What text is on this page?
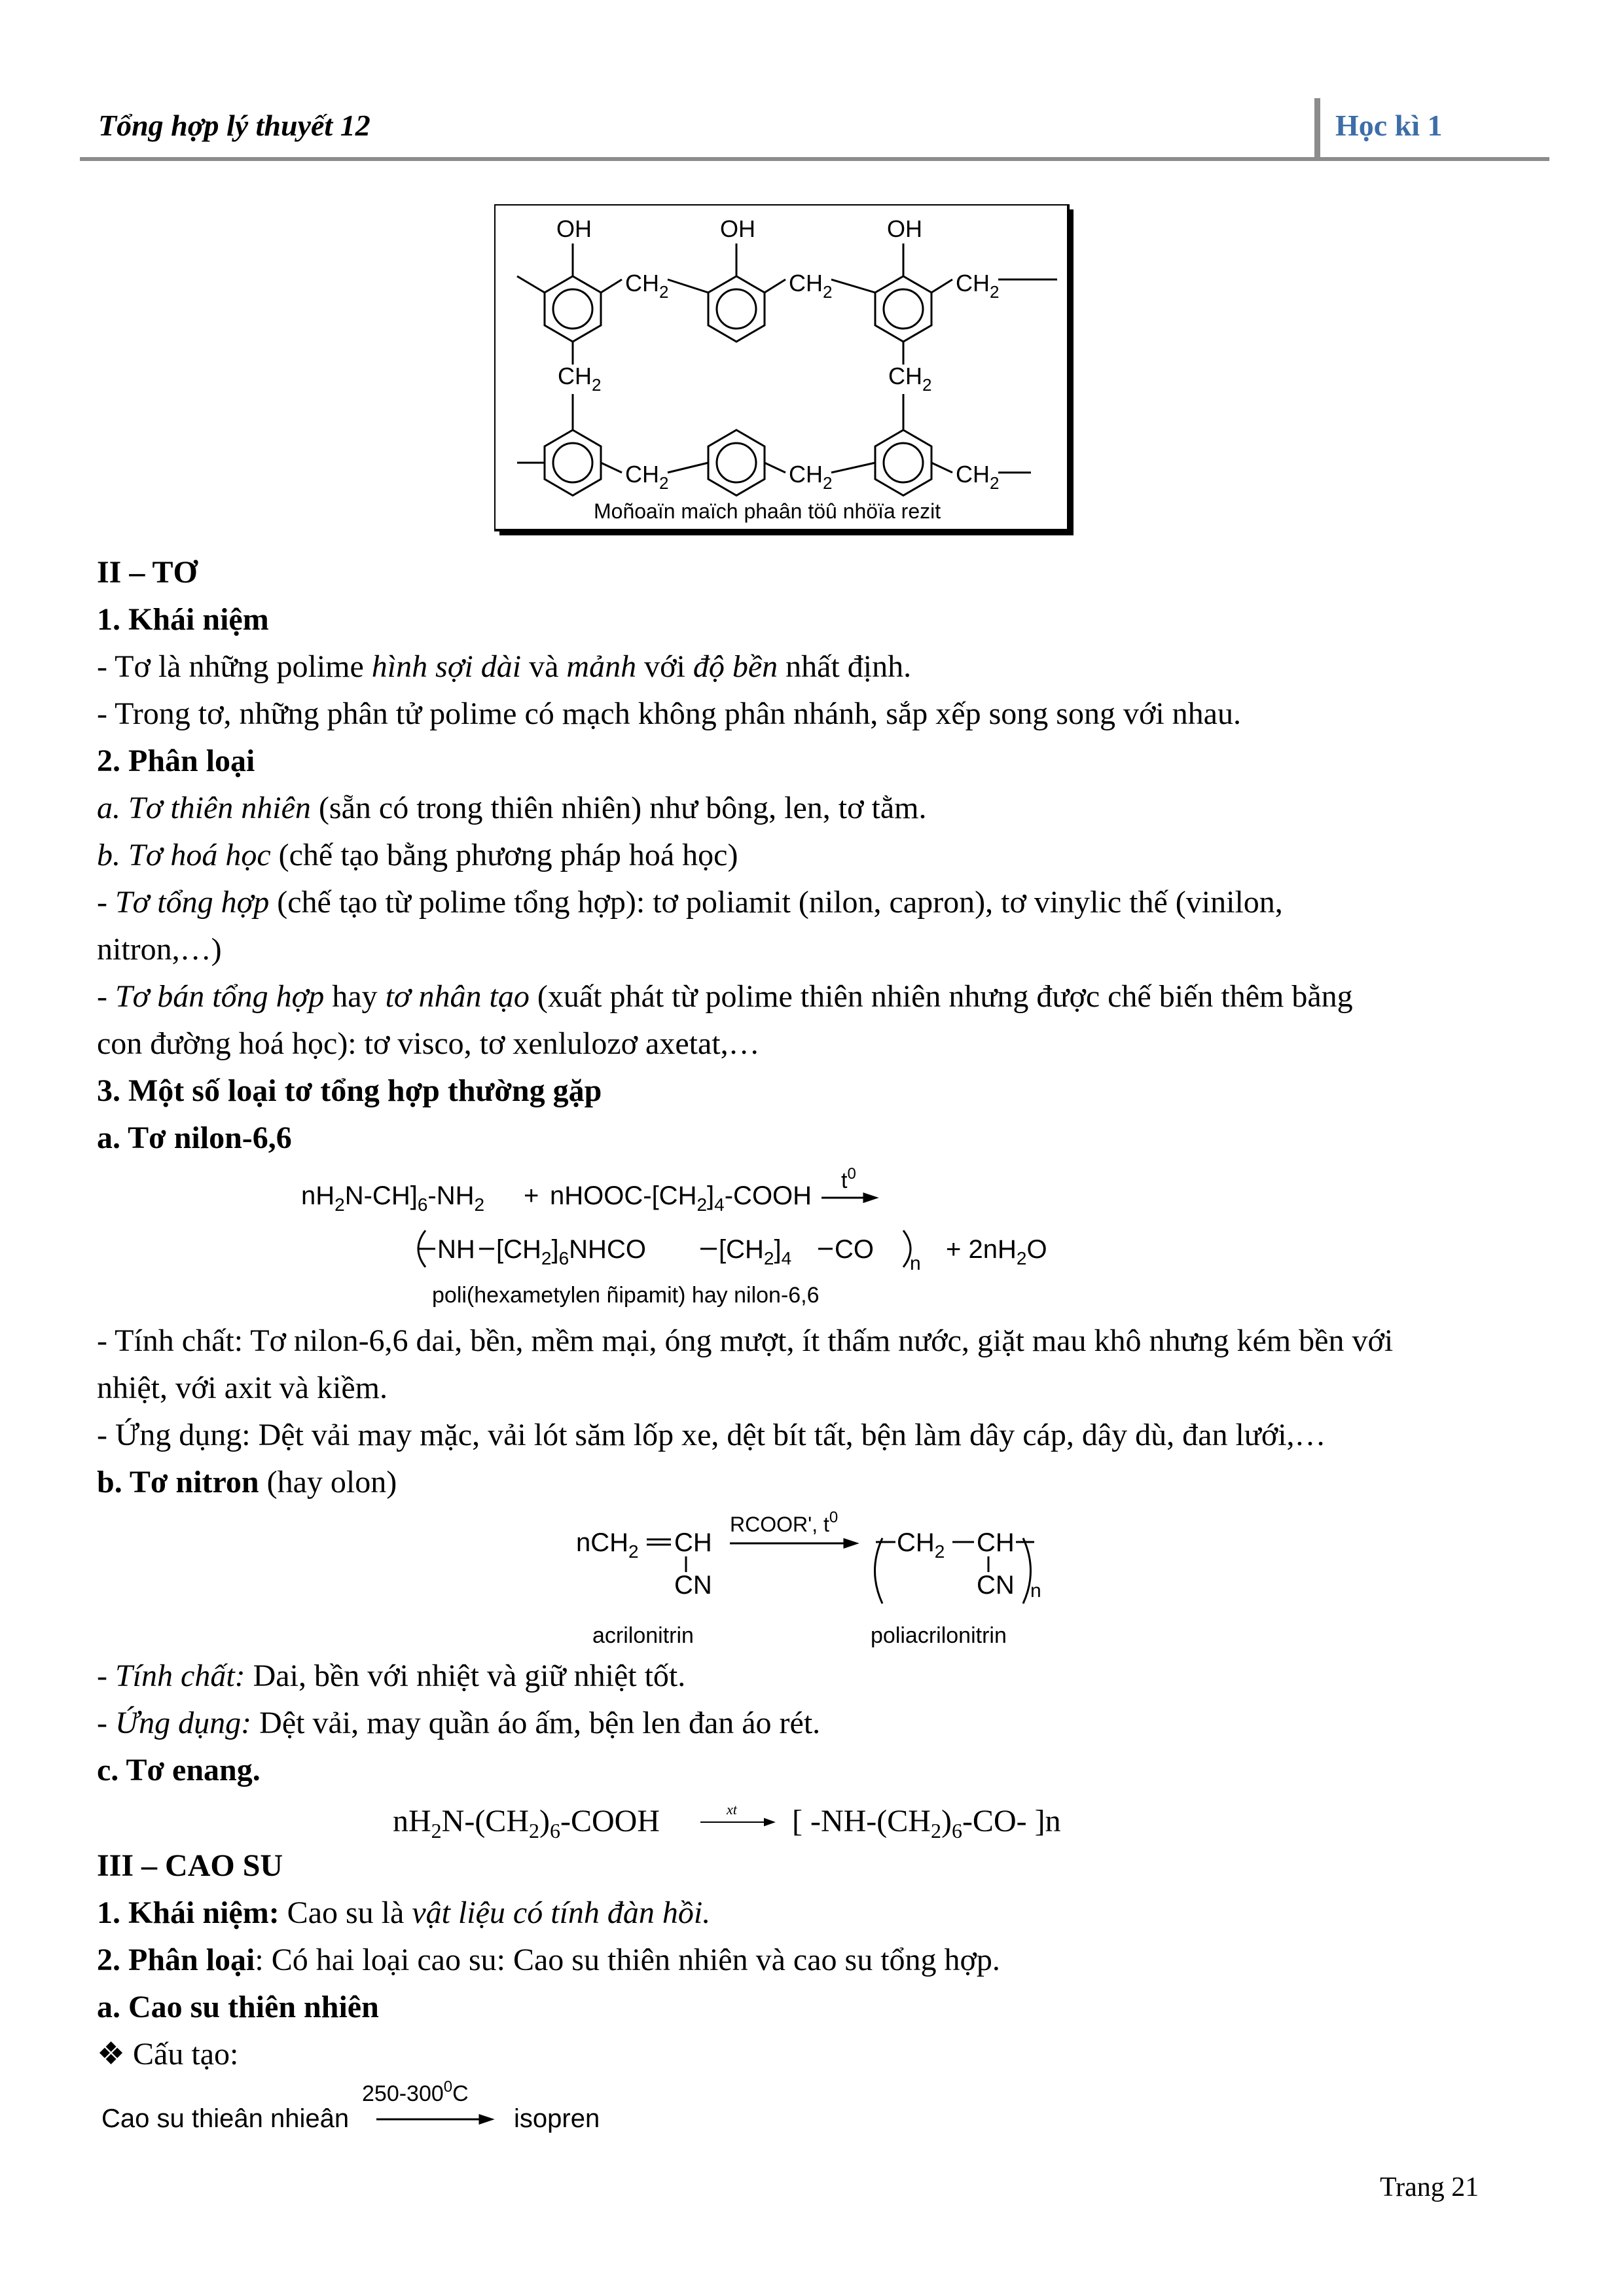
Tổng hợp lý thuyết 12	Học kì 1
OH	OH	OH
$CH_2$	$CH_2$	$CH_2$
$CH_2$	$CH_2$
$CH_2$	$CH_2$	$CH_2$
Moñoaïn maïch phaân töû nhöïa rezit
II – TƠ
1. Khái niệm
- Tơ là những polime hình sợi dài và mảnh với độ bền nhất định.
- Trong tơ, những phân tử polime có mạch không phân nhánh, sắp xếp song song với nhau.
2. Phân loại
a. Tơ thiên nhiên (sẵn có trong thiên nhiên) như bông, len, tơ tằm.
b. Tơ hoá học (chế tạo bằng phương pháp hoá học)
- Tơ tổng hợp (chế tạo từ polime tổng hợp): tơ poliamit (nilon, capron), tơ vinylic thế (vinilon,
nitron,…)
- Tơ bán tổng hợp hay tơ nhân tạo (xuất phát từ polime thiên nhiên nhưng được chế biến thêm bằng
con đường hoá học): tơ visco, tơ xenlulozơ axetat,…
3. Một số loại tơ tổng hợp thường gặp
a. Tơ nilon-6,6
$nH_2N-CH]_6-NH_2$ + nHOOC-$[CH_2]_4$-COOH
$t^0$
NH $[CH_2]_6NHCO$	$[CH_2]_4$ CO $n + 2nH_2O$
poli(hexametylen ñipamit) hay nilon-6,6
- Tính chất: Tơ nilon-6,6 dai, bền, mềm mại, óng mượt, ít thấm nước, giặt mau khô nhưng kém bền với
nhiệt, với axit và kiềm.
- Ứng dụng: Dệt vải may mặc, vải lót săm lốp xe, dệt bít tất, bện làm dây cáp, dây dù, đan lưới,…
b. Tơ nitron (hay olon)
nCH$_2$ CH
CN
RCOOR', $t^0$
$CH_2$ CH
CN n
acrilonitrin	poliacrilonitrin
- Tính chất: Dai, bền với nhiệt và giữ nhiệt tốt.
- Ứng dụng: Dệt vải, may quần áo ấm, bện len đan áo rét.
c. Tơ enang.
$nH_2N-(CH_2)_6$-COOH	xt [ $-NH-(CH_2)_6-CO-$ ]n
III – CAO SU
1. Khái niệm: Cao su là vật liệu có tính đàn hồi.
2. Phân loại: Có hai loại cao su: Cao su thiên nhiên và cao su tổng hợp.
a. Cao su thiên nhiên
❖ Cấu tạo:
Cao su thieân nhieân
$250-300^0C$
isopren
Trang 21
